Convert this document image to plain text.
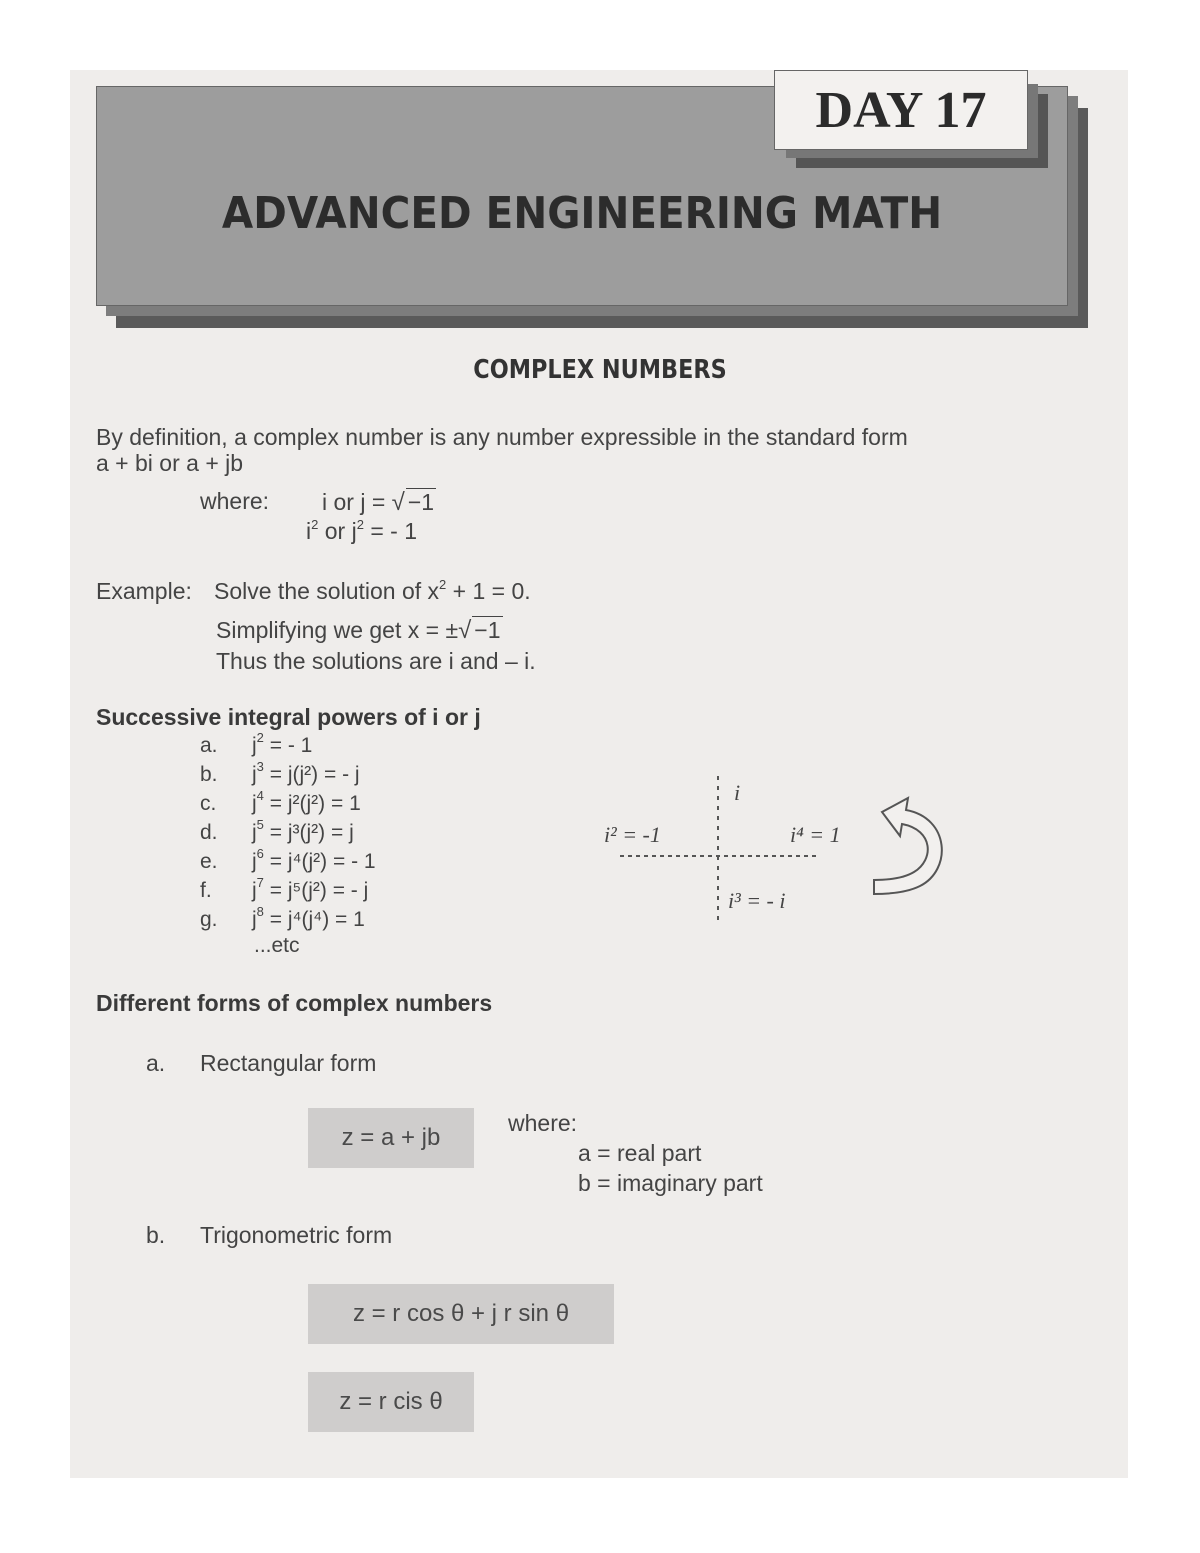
DAY 17
ADVANCED ENGINEERING MATH
COMPLEX NUMBERS
By definition, a complex number is any number expressible in the standard form
a + bi or a + jb
where: i or j = √ −1
$i^2$ or $j^2$ = - 1
Example: Solve the solution of $x^2 + 1 = 0$.
Simplifying we get x = ±√ −1
Thus the solutions are i and – i.
Successive integral powers of i or j
a. $j^2$ = - 1
b. $j^3 = j(j^2)$ = - j
c. $j^4 = j^2(j^2) = 1$
d. $j^5 = j^3(j^2) = j$
e. $j^6 = j^4(j^2)$ = - 1
f. $j^7 = j^5(j^2)$ = - j
g. $j^8 = j^4(j^4) = 1$
...etc
i
i² = -1	i⁴ = 1
i³ = - i
Different forms of complex numbers
a. Rectangular form
z = a + jb
where:
a = real part
b = imaginary part
b. Trigonometric form
z = r cos θ + j r sin θ
z = r cis θ
